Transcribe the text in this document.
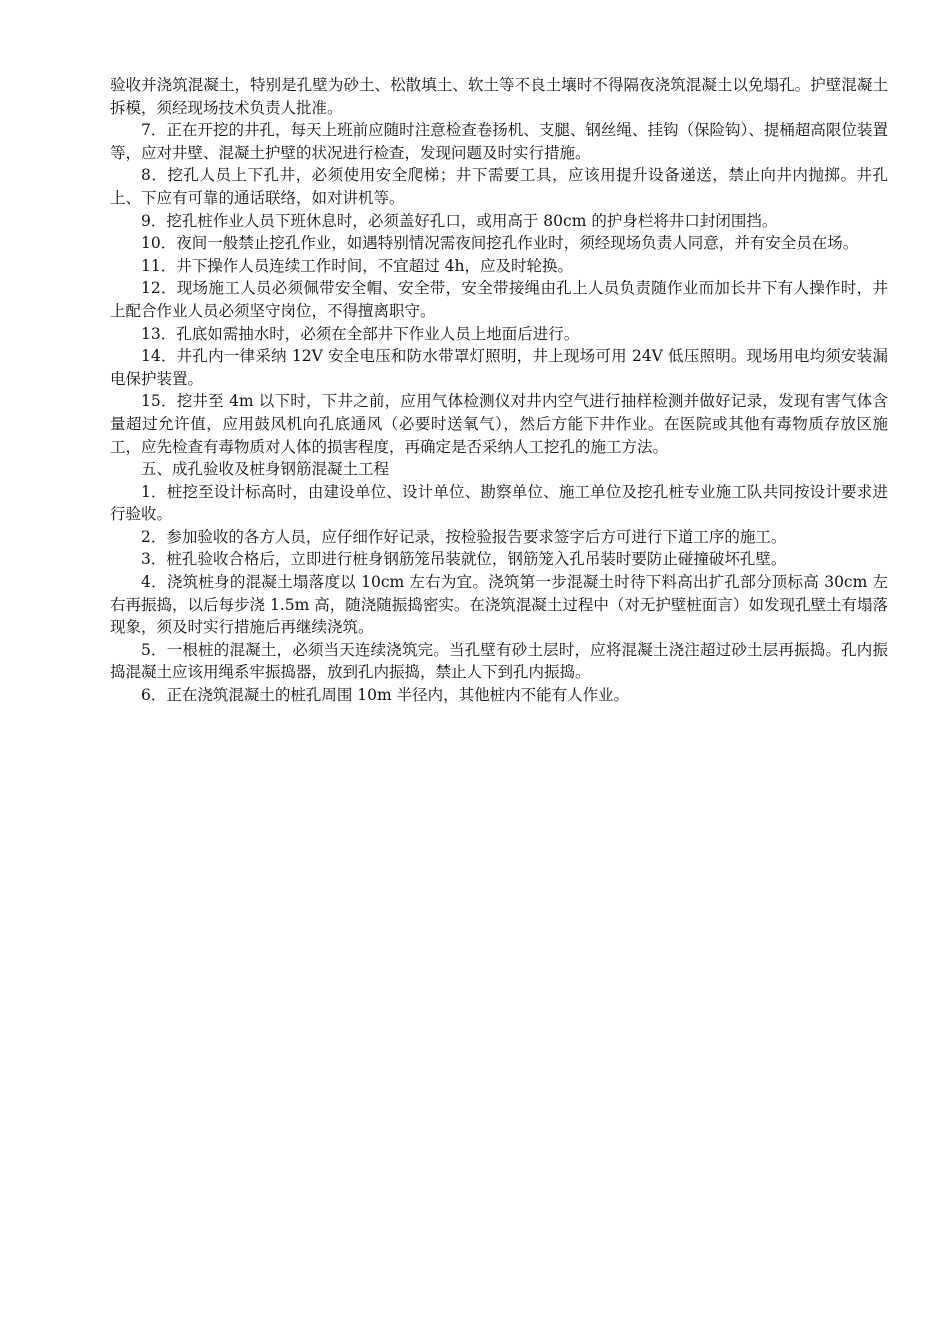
验收并浇筑混凝土，特别是孔壁为砂土、松散填土、软土等不良土壤时不得隔夜浇筑混凝土以免塌孔。护壁混凝土拆模，须经现场技术负责人批准。

7．正在开挖的井孔，每天上班前应随时注意检查卷扬机、支腿、钢丝绳、挂钩（保险钩）、提桶超高限位装置等，应对井壁、混凝土护壁的状况进行检查，发现问题及时实行措施。

8．挖孔人员上下孔井，必须使用安全爬梯；井下需要工具，应该用提升设备递送，禁止向井内抛掷。井孔上、下应有可靠的通话联络，如对讲机等。

9．挖孔桩作业人员下班休息时，必须盖好孔口，或用高于 80cm 的护身栏将井口封闭围挡。

10．夜间一般禁止挖孔作业，如遇特别情况需夜间挖孔作业时，须经现场负责人同意，并有安全员在场。

11．井下操作人员连续工作时间，不宜超过 4h，应及时轮换。

12．现场施工人员必须佩带安全帽、安全带，安全带接绳由孔上人员负责随作业而加长井下有人操作时，井上配合作业人员必须坚守岗位，不得擅离职守。

13．孔底如需抽水时，必须在全部井下作业人员上地面后进行。

14．井孔内一律采纳 12V 安全电压和防水带罩灯照明，井上现场可用 24V 低压照明。现场用电均须安装漏电保护装置。

15．挖井至 4m 以下时，下井之前，应用气体检测仪对井内空气进行抽样检测并做好记录，发现有害气体含量超过允许值，应用鼓风机向孔底通风（必要时送氧气），然后方能下井作业。在医院或其他有毒物质存放区施工，应先检查有毒物质对人体的损害程度，再确定是否采纳人工挖孔的施工方法。

五、成孔验收及桩身钢筋混凝土工程

1．桩挖至设计标高时，由建设单位、设计单位、勘察单位、施工单位及挖孔桩专业施工队共同按设计要求进行验收。

2．参加验收的各方人员，应仔细作好记录，按检验报告要求签字后方可进行下道工序的施工。

3．桩孔验收合格后，立即进行桩身钢筋笼吊装就位，钢筋笼入孔吊装时要防止碰撞破坏孔壁。

4．浇筑桩身的混凝土塌落度以 10cm 左右为宜。浇筑第一步混凝土时待下料高出扩孔部分顶标高 30cm 左右再振捣，以后每步浇 1.5m 高，随浇随振捣密实。在浇筑混凝土过程中（对无护壁桩面言）如发现孔壁土有塌落现象，须及时实行措施后再继续浇筑。

5．一根桩的混凝土，必须当天连续浇筑完。当孔壁有砂土层时，应将混凝土浇注超过砂土层再振捣。孔内振捣混凝土应该用绳系牢振捣器，放到孔内振捣，禁止人下到孔内振捣。

6．正在浇筑混凝土的桩孔周围 10m 半径内，其他桩内不能有人作业。
